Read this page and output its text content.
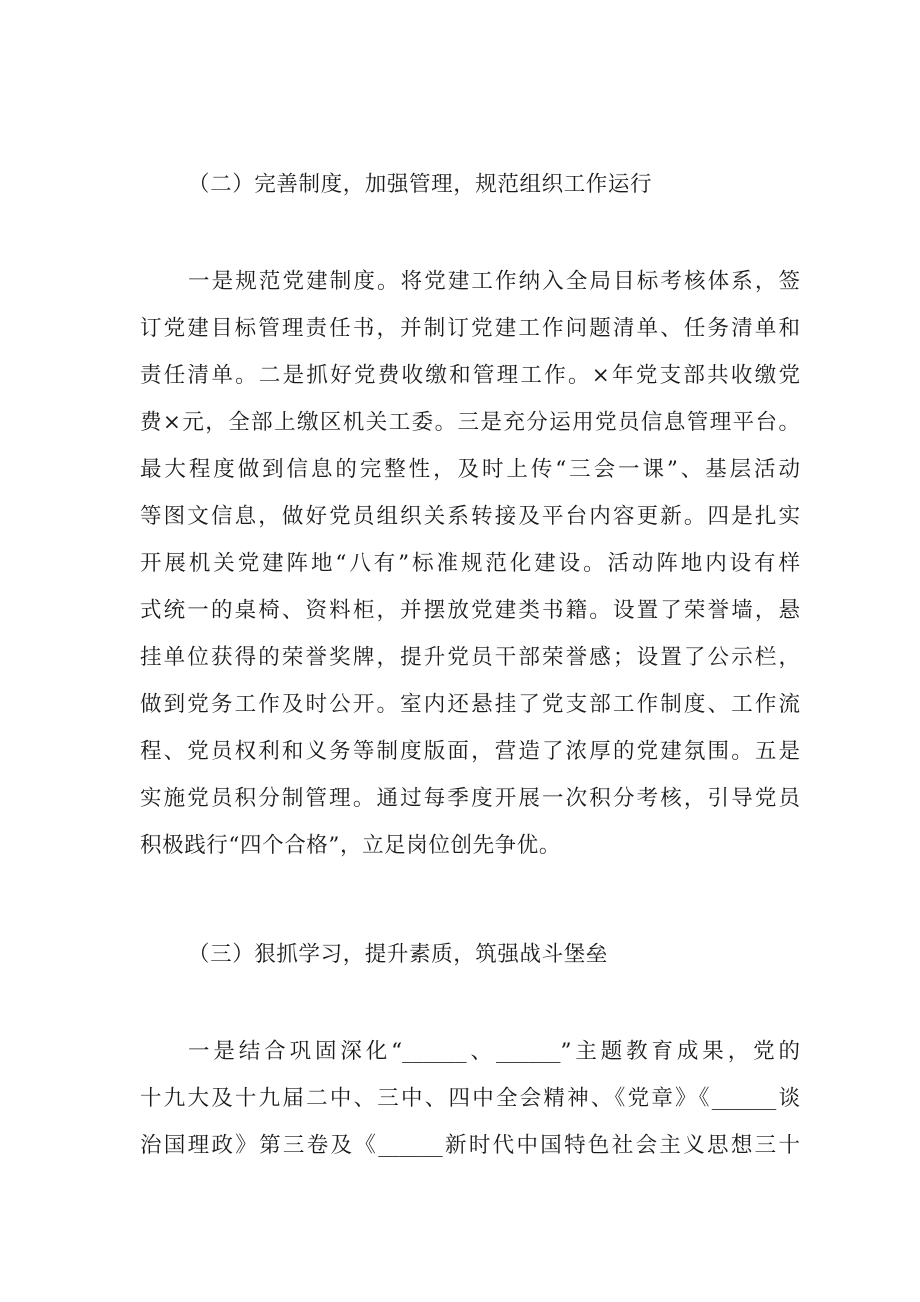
（二）完善制度，加强管理，规范组织工作运行
一是规范党建制度。将党建工作纳入全局目标考核体系，签
订党建目标管理责任书，并制订党建工作问题清单、任务清单和
责任清单。二是抓好党费收缴和管理工作。×年党支部共收缴党
费×元，全部上缴区机关工委。三是充分运用党员信息管理平台。
最大程度做到信息的完整性，及时上传“三会一课”、基层活动
等图文信息，做好党员组织关系转接及平台内容更新。四是扎实
开展机关党建阵地“八有”标准规范化建设。活动阵地内设有样
式统一的桌椅、资料柜，并摆放党建类书籍。设置了荣誉墙，悬
挂单位获得的荣誉奖牌，提升党员干部荣誉感；设置了公示栏，
做到党务工作及时公开。室内还悬挂了党支部工作制度、工作流
程、党员权利和义务等制度版面，营造了浓厚的党建氛围。五是
实施党员积分制管理。通过每季度开展一次积分考核，引导党员
积极践行“四个合格”，立足岗位创先争优。
（三）狠抓学习，提升素质，筑强战斗堡垒
一是结合巩固深化“______、______”主题教育成果，党的
十九大及十九届二中、三中、四中全会精神、《党章》《______谈
治国理政》第三卷及《______新时代中国特色社会主义思想三十
